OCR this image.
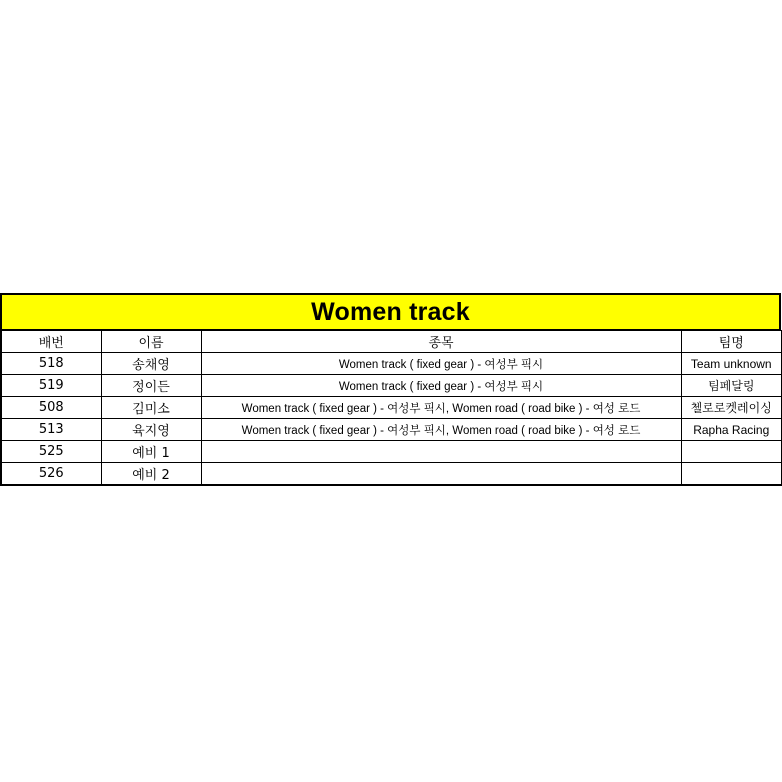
Women track
배번	이름	종목	팀명
518	송채영	Women track ( fixed gear ) - 여성부 픽시	Team unknown
519	정이든	Women track ( fixed gear ) - 여성부 픽시	팀페달링
508	김미소	Women track ( fixed gear ) - 여성부 픽시, Women road ( road bike ) - 여성 로드	첼로로켓레이싱
513	육지영	Women track ( fixed gear ) - 여성부 픽시, Women road ( road bike ) - 여성 로드	Rapha Racing
525	예비 1		
526	예비 2		
